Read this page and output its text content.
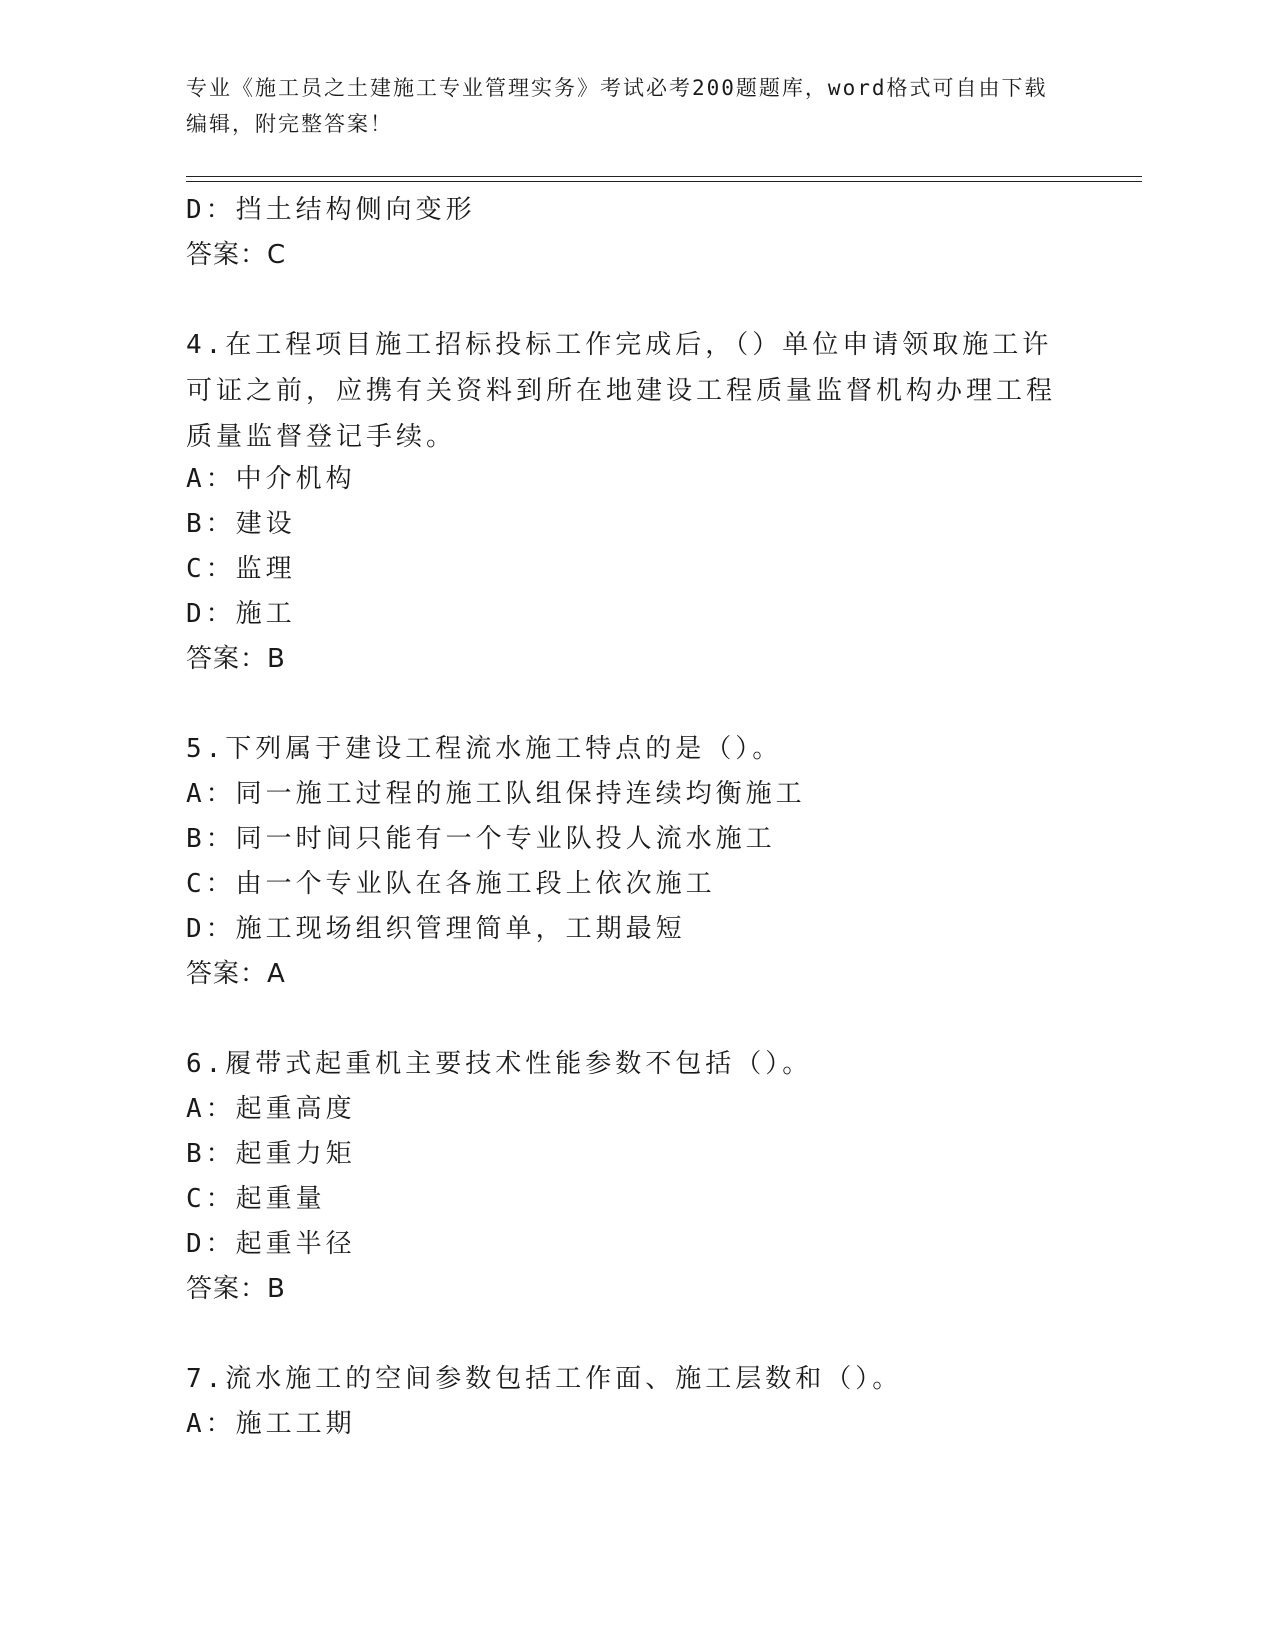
专业《施工员之土建施工专业管理实务》考试必考200题题库，word格式可自由下载编辑，附完整答案！
D：挡土结构侧向变形
答案：C
4.在工程项目施工招标投标工作完成后，（）单位申请领取施工许可证之前，应携有关资料到所在地建设工程质量监督机构办理工程质量监督登记手续。
A：中介机构
B：建设
C：监理
D：施工
答案：B
5.下列属于建设工程流水施工特点的是（）。
A：同一施工过程的施工队组保持连续均衡施工
B：同一时间只能有一个专业队投人流水施工
C：由一个专业队在各施工段上依次施工
D：施工现场组织管理简单，工期最短
答案：A
6.履带式起重机主要技术性能参数不包括（）。
A：起重高度
B：起重力矩
C：起重量
D：起重半径
答案：B
7.流水施工的空间参数包括工作面、施工层数和（）。
A：施工工期
